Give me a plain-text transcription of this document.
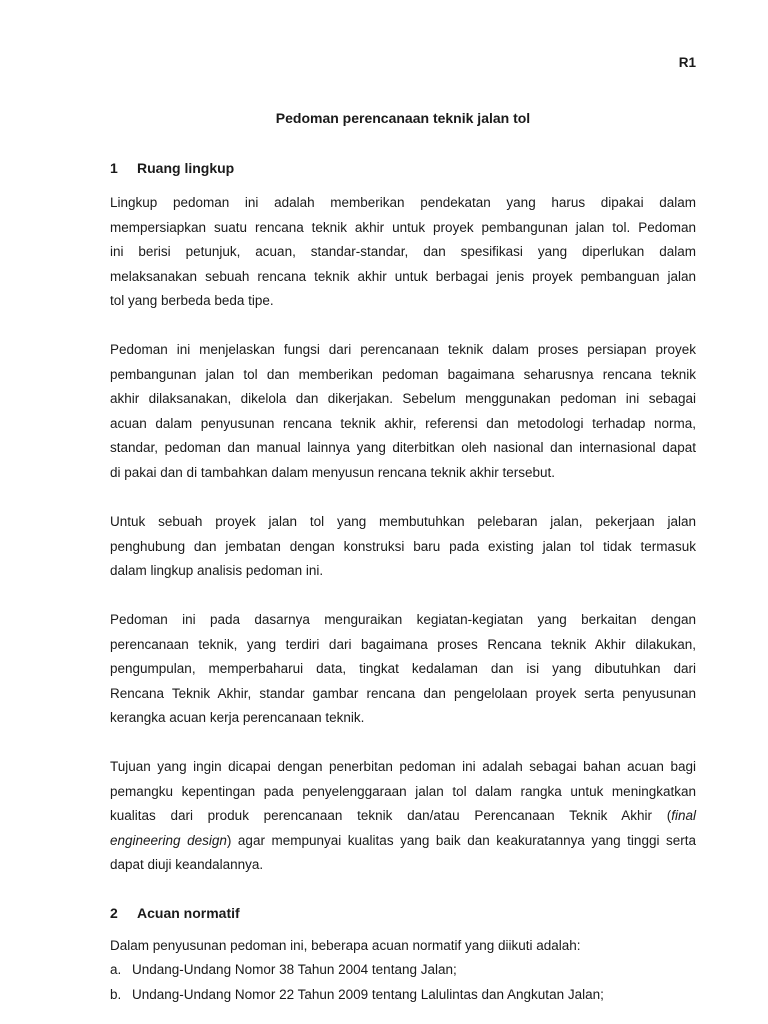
R1
Pedoman perencanaan teknik jalan tol
1 Ruang lingkup

Lingkup pedoman ini adalah memberikan pendekatan yang harus dipakai dalam
mempersiapkan suatu rencana teknik akhir untuk proyek pembangunan jalan tol. Pedoman
ini berisi petunjuk, acuan, standar-standar, dan spesifikasi yang diperlukan dalam
melaksanakan sebuah rencana teknik akhir untuk berbagai jenis proyek pembanguan jalan
tol yang berbeda beda tipe.

Pedoman ini menjelaskan fungsi dari perencanaan teknik dalam proses persiapan proyek
pembangunan jalan tol dan memberikan pedoman bagaimana seharusnya rencana teknik
akhir dilaksanakan, dikelola dan dikerjakan. Sebelum menggunakan pedoman ini sebagai
acuan dalam penyusunan rencana teknik akhir, referensi dan metodologi terhadap norma,
standar, pedoman dan manual lainnya yang diterbitkan oleh nasional dan internasional dapat
di pakai dan di tambahkan dalam menyusun rencana teknik akhir tersebut.

Untuk sebuah proyek jalan tol yang membutuhkan pelebaran jalan, pekerjaan jalan
penghubung dan jembatan dengan konstruksi baru pada existing jalan tol tidak termasuk
dalam lingkup analisis pedoman ini.

Pedoman ini pada dasarnya menguraikan kegiatan-kegiatan yang berkaitan dengan
perencanaan teknik, yang terdiri dari bagaimana proses Rencana teknik Akhir dilakukan,
pengumpulan, memperbaharui data, tingkat kedalaman dan isi yang dibutuhkan dari
Rencana Teknik Akhir, standar gambar rencana dan pengelolaan proyek serta penyusunan
kerangka acuan kerja perencanaan teknik.

Tujuan yang ingin dicapai dengan penerbitan pedoman ini adalah sebagai bahan acuan bagi
pemangku kepentingan pada penyelenggaraan jalan tol dalam rangka untuk meningkatkan
kualitas dari produk perencanaan teknik dan/atau Perencanaan Teknik Akhir (final
engineering design) agar mempunyai kualitas yang baik dan keakuratannya yang tinggi serta
dapat diuji keandalannya.

2 Acuan normatif
Dalam penyusunan pedoman ini, beberapa acuan normatif yang diikuti adalah:
a. Undang-Undang Nomor 38 Tahun 2004 tentang Jalan;
b. Undang-Undang Nomor 22 Tahun 2009 tentang Lalulintas dan Angkutan Jalan;
